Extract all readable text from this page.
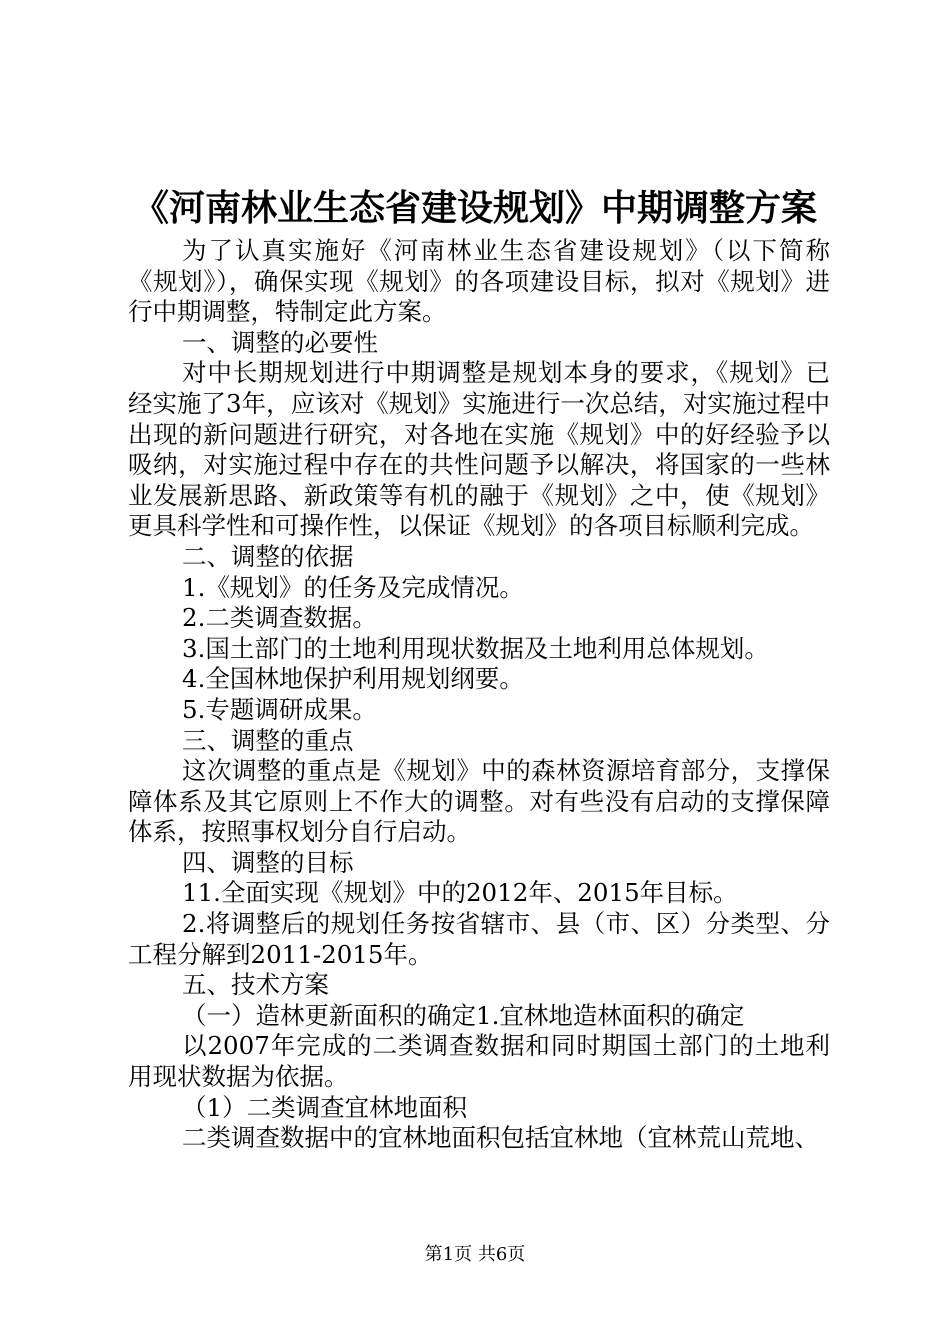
《河南林业生态省建设规划》中期调整方案

为了认真实施好《河南林业生态省建设规划》（以下简称《规划》），确保实现《规划》的各项建设目标，拟对《规划》进行中期调整，特制定此方案。

一、调整的必要性

对中长期规划进行中期调整是规划本身的要求，《规划》已经实施了3年，应该对《规划》实施进行一次总结，对实施过程中出现的新问题进行研究，对各地在实施《规划》中的好经验予以吸纳，对实施过程中存在的共性问题予以解决，将国家的一些林业发展新思路、新政策等有机的融于《规划》之中，使《规划》更具科学性和可操作性，以保证《规划》的各项目标顺利完成。

二、调整的依据

1.《规划》的任务及完成情况。

2.二类调查数据。

3.国土部门的土地利用现状数据及土地利用总体规划。

4.全国林地保护利用规划纲要。

5.专题调研成果。

三、调整的重点

这次调整的重点是《规划》中的森林资源培育部分，支撑保障体系及其它原则上不作大的调整。对有些没有启动的支撑保障体系，按照事权划分自行启动。

四、调整的目标

11.全面实现《规划》中的2012年、2015年目标。

2.将调整后的规划任务按省辖市、县（市、区）分类型、分工程分解到2011-2015年。

五、技术方案

（一）造林更新面积的确定1.宜林地造林面积的确定

以2007年完成的二类调查数据和同时期国土部门的土地利用现状数据为依据。

（1）二类调查宜林地面积

二类调查数据中的宜林地面积包括宜林地（宜林荒山荒地、

第1页 共6页
